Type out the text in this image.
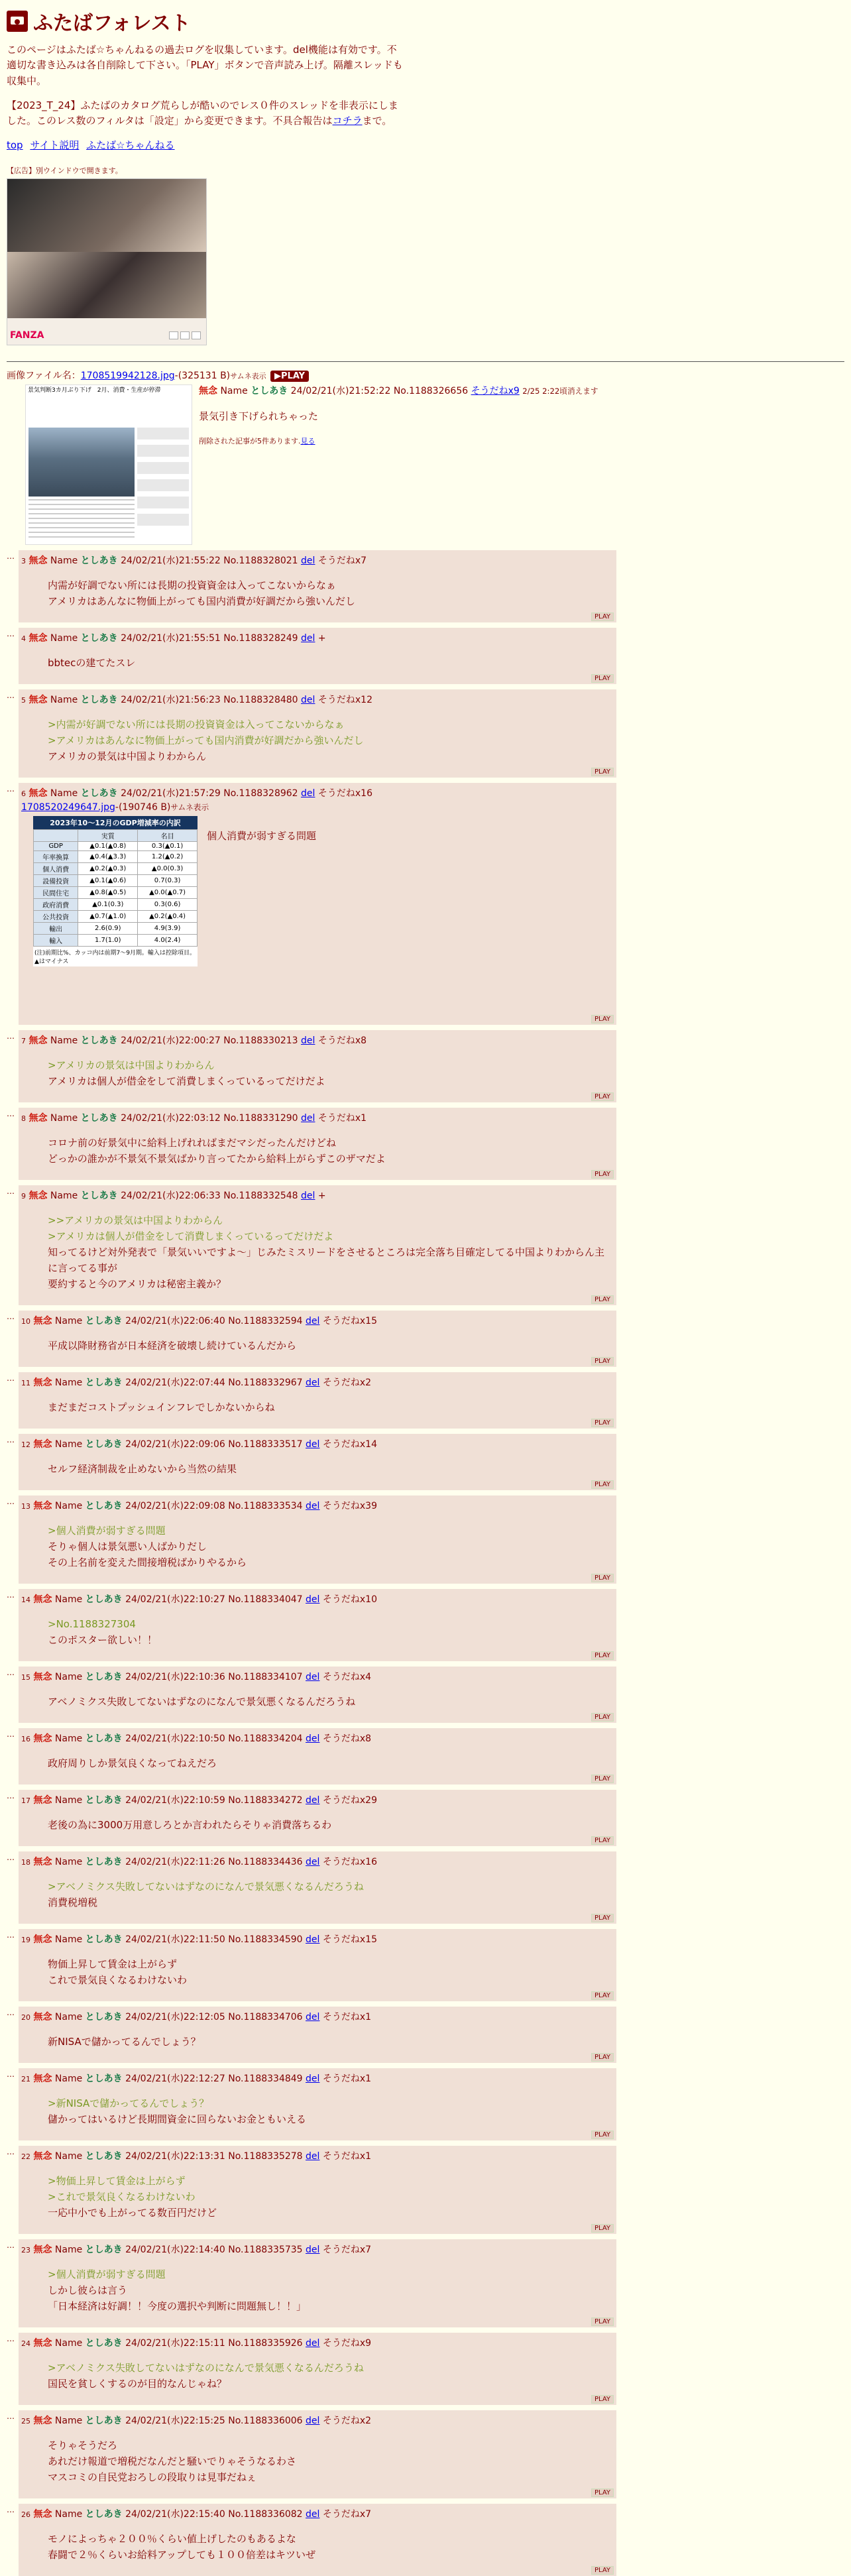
ふたばフォレスト

このページはふたば☆ちゃんねるの過去ログを収集しています。del機能は有効です。不適切な書き込みは各自削除して下さい。「PLAY」ボタンで音声読み上げ。隔離スレッドも収集中。

【2023_T_24】ふたばのカタログ荒らしが酷いのでレス０件のスレッドを非表示にしました。このレス数のフィルタは「設定」から変更できます。不具合報告はコチラまで。

top サイト説明 ふたば☆ちゃんねる
【広告】別ウインドウで開きます。
FANZA
画像ファイル名：1708519942128.jpg-(325131 B)サムネ表示 ▶PLAY
景気判断3カ月ぶり下げ　2月、消費・生産が停滞	無念 Name としあき 24/02/21(水)21:52:22 No.1188326656 そうだねx9 2/25 2:22頃消えます
景気引き下げられちゃった
削除された記事が5件あります.見る
…
3 無念 Name としあき 24/02/21(水)21:55:22 No.1188328021 del そうだねx7
内需が好調でない所には長期の投資資金は入ってこないからなぁ
アメリカはあんなに物価上がっても国内消費が好調だから強いんだし
PLAY
…
4 無念 Name としあき 24/02/21(水)21:55:51 No.1188328249 del +
bbtecの建てたスレ
PLAY
…
5 無念 Name としあき 24/02/21(水)21:56:23 No.1188328480 del そうだねx12
>内需が好調でない所には長期の投資資金は入ってこないからなぁ
>アメリカはあんなに物価上がっても国内消費が好調だから強いんだし
アメリカの景気は中国よりわからん
PLAY
…
6 無念 Name としあき 24/02/21(水)21:57:29 No.1188328962 del そうだねx16
1708520249647.jpg-(190746 B)サムネ表示
2023年10〜12月のGDP増減率の内訳
	実質	名目
GDP	▲0.1(▲0.8)	0.3(▲0.1)
年率換算	▲0.4(▲3.3)	1.2(▲0.2)
個人消費	▲0.2(▲0.3)	▲0.0(0.3)
設備投資	▲0.1(▲0.6)	0.7(0.3)
民間住宅	▲0.8(▲0.5)	▲0.0(▲0.7)
政府消費	▲0.1(0.3)	0.3(0.6)
公共投資	▲0.7(▲1.0)	▲0.2(▲0.4)
輸出	2.6(0.9)	4.9(3.9)
輸入	1.7(1.0)	4.0(2.4)
(注)前期比%、カッコ内は前期7〜9月期。輸入は控除項目。▲はマイナス
個人消費が弱すぎる問題
PLAY
…
7 無念 Name としあき 24/02/21(水)22:00:27 No.1188330213 del そうだねx8
>アメリカの景気は中国よりわからん
アメリカは個人が借金をして消費しまくっているってだけだよ
PLAY
…
8 無念 Name としあき 24/02/21(水)22:03:12 No.1188331290 del そうだねx1
コロナ前の好景気中に給料上げれればまだマシだったんだけどね
どっかの誰かが不景気不景気ばかり言ってたから給料上がらずこのザマだよ
PLAY
…
9 無念 Name としあき 24/02/21(水)22:06:33 No.1188332548 del +
>>アメリカの景気は中国よりわからん
>アメリカは個人が借金をして消費しまくっているってだけだよ
知ってるけど対外発表で「景気いいですよ〜」じみたミスリードをさせるところは完全落ち目確定してる中国よりわからん主に言ってる事が
要約すると今のアメリカは秘密主義か？
PLAY
…
10 無念 Name としあき 24/02/21(水)22:06:40 No.1188332594 del そうだねx15
平成以降財務省が日本経済を破壊し続けているんだから
PLAY
…
11 無念 Name としあき 24/02/21(水)22:07:44 No.1188332967 del そうだねx2
まだまだコストプッシュインフレでしかないからね
PLAY
…
12 無念 Name としあき 24/02/21(水)22:09:06 No.1188333517 del そうだねx14
セルフ経済制裁を止めないから当然の結果
PLAY
…
13 無念 Name としあき 24/02/21(水)22:09:08 No.1188333534 del そうだねx39
>個人消費が弱すぎる問題
そりゃ個人は景気悪い人ばかりだし
その上名前を変えた間接増税ばかりやるから
PLAY
…
14 無念 Name としあき 24/02/21(水)22:10:27 No.1188334047 del そうだねx10
>No.1188327304
このポスター欲しい！！
PLAY
…
15 無念 Name としあき 24/02/21(水)22:10:36 No.1188334107 del そうだねx4
アベノミクス失敗してないはずなのになんで景気悪くなるんだろうね
PLAY
…
16 無念 Name としあき 24/02/21(水)22:10:50 No.1188334204 del そうだねx8
政府周りしか景気良くなってねえだろ
PLAY
…
17 無念 Name としあき 24/02/21(水)22:10:59 No.1188334272 del そうだねx29
老後の為に3000万用意しろとか言われたらそりゃ消費落ちるわ
PLAY
…
18 無念 Name としあき 24/02/21(水)22:11:26 No.1188334436 del そうだねx16
>アベノミクス失敗してないはずなのになんで景気悪くなるんだろうね
消費税増税
PLAY
…
19 無念 Name としあき 24/02/21(水)22:11:50 No.1188334590 del そうだねx15
物価上昇して賃金は上がらず
これで景気良くなるわけないわ
PLAY
…
20 無念 Name としあき 24/02/21(水)22:12:05 No.1188334706 del そうだねx1
新NISAで儲かってるんでしょう？
PLAY
…
21 無念 Name としあき 24/02/21(水)22:12:27 No.1188334849 del そうだねx1
>新NISAで儲かってるんでしょう？
儲かってはいるけど長期間資金に回らないお金ともいえる
PLAY
…
22 無念 Name としあき 24/02/21(水)22:13:31 No.1188335278 del そうだねx1
>物価上昇して賃金は上がらず
>これで景気良くなるわけないわ
一応中小でも上がってる数百円だけど
PLAY
…
23 無念 Name としあき 24/02/21(水)22:14:40 No.1188335735 del そうだねx7
>個人消費が弱すぎる問題
しかし彼らは言う
「日本経済は好調！！今度の選択や判断に問題無し！！」
PLAY
…
24 無念 Name としあき 24/02/21(水)22:15:11 No.1188335926 del そうだねx9
>アベノミクス失敗してないはずなのになんで景気悪くなるんだろうね
国民を貧しくするのが目的なんじゃね？
PLAY
…
25 無念 Name としあき 24/02/21(水)22:15:25 No.1188336006 del そうだねx2
そりゃそうだろ
あれだけ報道で増税だなんだと騒いでりゃそうなるわさ
マスコミの自民党おろしの段取りは見事だねぇ
PLAY
…
26 無念 Name としあき 24/02/21(水)22:15:40 No.1188336082 del そうだねx7
モノによっちゃ２００％くらい値上げしたのもあるよな
春闘で２％くらいお給料アップしても１００倍差はキツいぜ
PLAY
